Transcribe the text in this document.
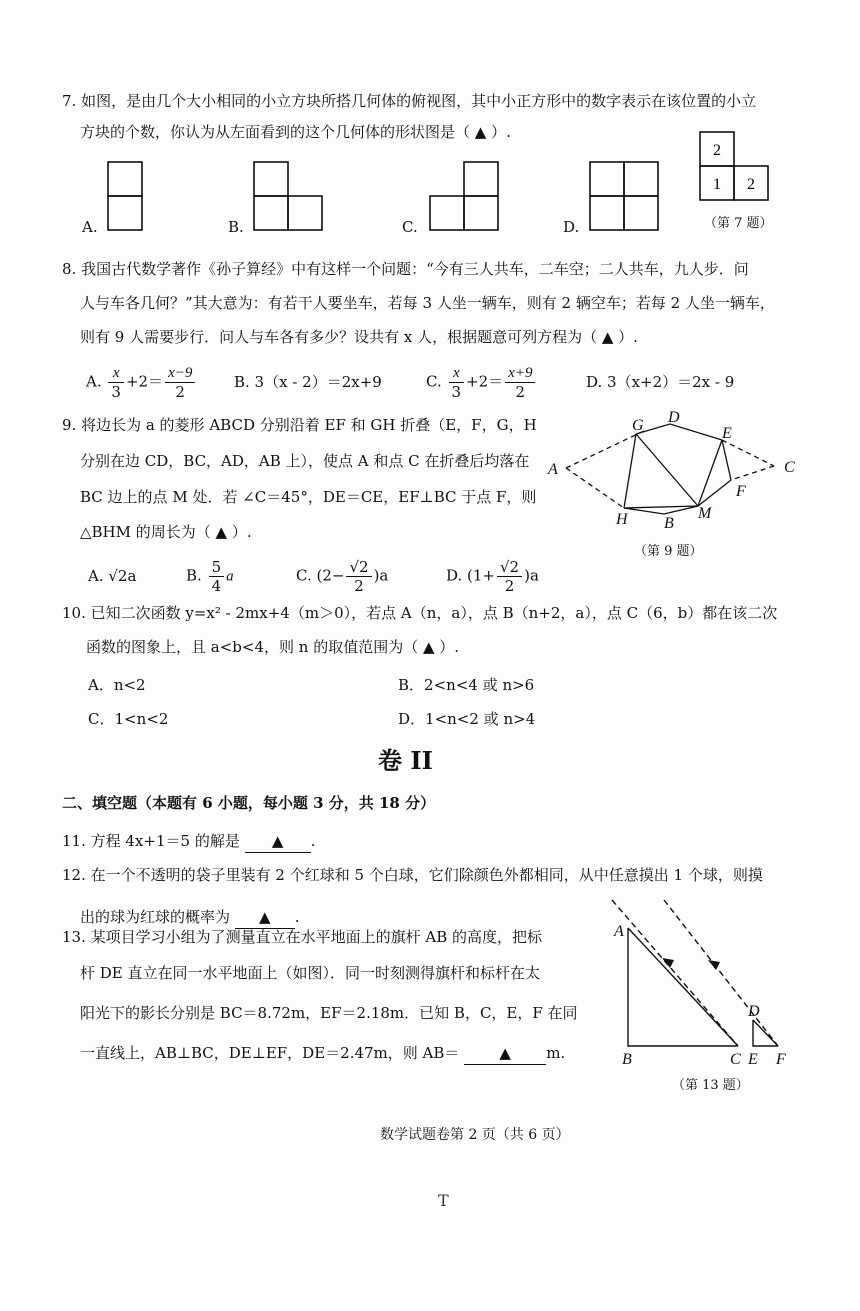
7. 如图，是由几个大小相同的小立方块所搭几何体的俯视图，其中小正方形中的数字表示在该位置的小立
方块的个数，你认为从左面看到的这个几何体的形状图是（ ▲ ）.
A.	B.	C.	D.
2
1 2
（第 7 题）
8. 我国古代数学著作《孙子算经》中有这样一个问题：“今有三人共车，二车空；二人共车，九人步．问
人与车各几何？”其大意为：有若干人要坐车，若每 3 人坐一辆车，则有 2 辆空车；若每 2 人坐一辆车，
则有 9 人需要步行．问人与车各有多少？设共有 x 人，根据题意可列方程为（ ▲ ）.
A. $\frac{x}{3} +2= \frac{x-9}{2}$	B. 3（x - 2）＝2x+9	C. $\frac{x}{3} +2= \frac{x+9}{2}$	D. 3（x+2）＝2x - 9
9. 将边长为 a 的菱形 ABCD 分别沿着 EF 和 GH 折叠（E，F，G，H
分别在边 CD，BC，AD，AB 上），使点 A 和点 C 在折叠后均落在
BC 边上的点 M 处．若 ∠C＝45°，DE＝CE，EF⊥BC 于点 F，则
△BHM 的周长为（ ▲ ）.
A. √2a	B. $\frac{5}{4}$ a	C. $(2- \frac{√2}{2} )a$	D. $(1+ \frac{√2}{2} )a$
A
D
G	E
C
F
H B
M
（第 9 题）
10. 已知二次函数 y=x² - 2mx+4（m＞0），若点 A（n，a），点 B（n+2，a），点 C（6，b）都在该二次
函数的图象上，且 a<b<4，则 n 的取值范围为（ ▲ ）.
A．n<2	B．2<n<4 或 n>6
C．1<n<2	D．1<n<2 或 n>4
卷 II
二、填空题（本题有 6 小题，每小题 3 分，共 18 分）
11. 方程 4x+1＝5 的解是 ▲ .
12. 在一个不透明的袋子里装有 2 个红球和 5 个白球，它们除颜色外都相同，从中任意摸出 1 个球，则摸
出的球为红球的概率为 ▲ .
13. 某项目学习小组为了测量直立在水平地面上的旗杆 AB 的高度，把标
杆 DE 直立在同一水平地面上（如图）．同一时刻测得旗杆和标杆在太
阳光下的影长分别是 BC＝8.72m，EF＝2.18m．已知 B，C，E，F 在同
一直线上，AB⊥BC，DE⊥EF，DE＝2.47m，则 AB＝	▲ m.
A
B	C
D
E F
（第 13 题）
数学试题卷第 2 页（共 6 页）
T
